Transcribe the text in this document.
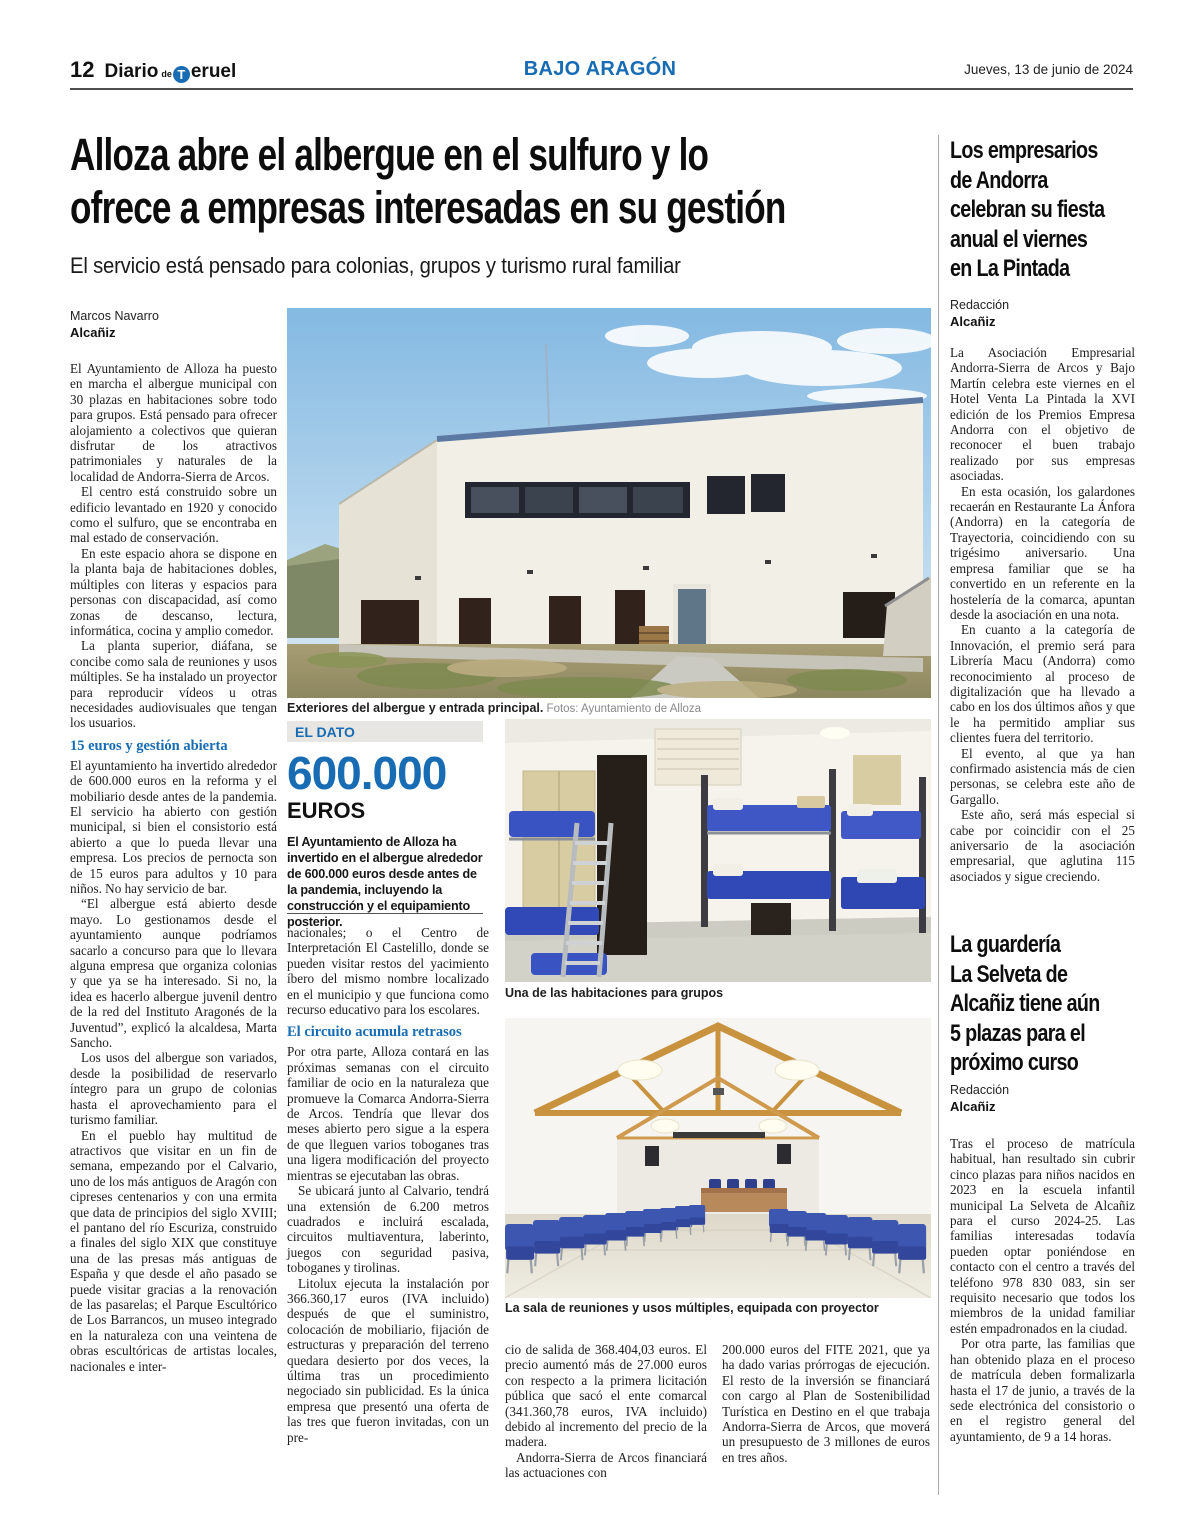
12 Diario de T eruel	BAJO ARAGÓN	Jueves, 13 de junio de 2024
Alloza abre el albergue en el sulfuro y lo
ofrece a empresas interesadas en su gestión
El servicio está pensado para colonias, grupos y turismo rural familiar
Marcos Navarro
Alcañiz

El Ayuntamiento de Alloza ha puesto en marcha el albergue municipal con 30 plazas en habitaciones sobre todo para grupos. Está pensado para ofrecer alojamiento a colectivos que quieran disfrutar de los atractivos patrimoniales y naturales de la localidad de Andorra-Sierra de Arcos.

El centro está construido sobre un edificio levantado en 1920 y conocido como el sulfuro, que se encontraba en mal estado de conservación.

En este espacio ahora se dispone en la planta baja de habitaciones dobles, múltiples con literas y espacios para personas con discapacidad, así como zonas de descanso, lectura, informática, cocina y amplio comedor.

La planta superior, diáfana, se concibe como sala de reuniones y usos múltiples. Se ha instalado un proyector para reproducir vídeos u otras necesidades audiovisuales que tengan los usuarios.

15 euros y gestión abierta

El ayuntamiento ha invertido alrededor de 600.000 euros en la reforma y el mobiliario desde antes de la pandemia. El servicio ha abierto con gestión municipal, si bien el consistorio está abierto a que lo pueda llevar una empresa. Los precios de pernocta son de 15 euros para adultos y 10 para niños. No hay servicio de bar.

“El albergue está abierto desde mayo. Lo gestionamos desde el ayuntamiento aunque podríamos sacarlo a concurso para que lo llevara alguna empresa que organiza colonias y que ya se ha interesado. Si no, la idea es hacerlo albergue juvenil dentro de la red del Instituto Aragonés de la Juventud”, explicó la alcaldesa, Marta Sancho.

Los usos del albergue son variados, desde la posibilidad de reservarlo íntegro para un grupo de colonias hasta el aprovechamiento para el turismo familiar.

En el pueblo hay multitud de atractivos que visitar en un fin de semana, empezando por el Calvario, uno de los más antiguos de Aragón con cipreses centenarios y con una ermita que data de principios del siglo XVIII; el pantano del río Escuriza, construido a finales del siglo XIX que constituye una de las presas más antiguas de España y que desde el año pasado se puede visitar gracias a la renovación de las pasarelas; el Parque Escultórico de Los Barrancos, un museo integrado en la naturaleza con una veintena de obras escultóricas de artistas locales, nacionales e inter-

Exteriores del albergue y entrada principal. Fotos: Ayuntamiento de Alloza
EL DATO
600.000
EUROS
El Ayuntamiento de Alloza ha invertido en el albergue alrededor de 600.000 euros desde antes de la pandemia, incluyendo la construcción y el equipamiento posterior.

nacionales; o el Centro de Interpretación El Castelillo, donde se pueden visitar restos del yacimiento íbero del mismo nombre localizado en el municipio y que funciona como recurso educativo para los escolares.

El circuito acumula retrasos

Por otra parte, Alloza contará en las próximas semanas con el circuito familiar de ocio en la naturaleza que promueve la Comarca Andorra-Sierra de Arcos. Tendría que llevar dos meses abierto pero sigue a la espera de que lleguen varios toboganes tras una ligera modificación del proyecto mientras se ejecutaban las obras.

Se ubicará junto al Calvario, tendrá una extensión de 6.200 metros cuadrados e incluirá escalada, circuitos multiaventura, laberinto, juegos con seguridad pasiva, toboganes y tirolinas.

Litolux ejecuta la instalación por 366.360,17 euros (IVA incluido) después de que el suministro, colocación de mobiliario, fijación de estructuras y preparación del terreno quedara desierto por dos veces, la última tras un procedimiento negociado sin publicidad. Es la única empresa que presentó una oferta de las tres que fueron invitadas, con un pre-

Una de las habitaciones para grupos
La sala de reuniones y usos múltiples, equipada con proyector

cio de salida de 368.404,03 euros. El precio aumentó más de 27.000 euros con respecto a la primera licitación pública que sacó el ente comarcal (341.360,78 euros, IVA incluido) debido al incremento del precio de la madera.

Andorra-Sierra de Arcos financiará las actuaciones con

200.000 euros del FITE 2021, que ya ha dado varias prórrogas de ejecución. El resto de la inversión se financiará con cargo al Plan de Sostenibilidad Turística en Destino en el que trabaja Andorra-Sierra de Arcos, que moverá un presupuesto de 3 millones de euros en tres años.

Los empresarios
de Andorra
celebran su fiesta
anual el viernes
en La Pintada
Redacción
Alcañiz

La Asociación Empresarial Andorra-Sierra de Arcos y Bajo Martín celebra este viernes en el Hotel Venta La Pintada la XVI edición de los Premios Empresa Andorra con el objetivo de reconocer el buen trabajo realizado por sus empresas asociadas.

En esta ocasión, los galardones recaerán en Restaurante La Ánfora (Andorra) en la categoría de Trayectoria, coincidiendo con su trigésimo aniversario. Una empresa familiar que se ha convertido en un referente en la hostelería de la comarca, apuntan desde la asociación en una nota.

En cuanto a la categoría de Innovación, el premio será para Librería Macu (Andorra) como reconocimiento al proceso de digitalización que ha llevado a cabo en los dos últimos años y que le ha permitido ampliar sus clientes fuera del territorio.

El evento, al que ya han confirmado asistencia más de cien personas, se celebra este año de Gargallo.

Este año, será más especial si cabe por coincidir con el 25 aniversario de la asociación empresarial, que aglutina 115 asociados y sigue creciendo.

La guardería
La Selveta de
Alcañiz tiene aún
5 plazas para el
próximo curso
Redacción
Alcañiz

Tras el proceso de matrícula habitual, han resultado sin cubrir cinco plazas para niños nacidos en 2023 en la escuela infantil municipal La Selveta de Alcañiz para el curso 2024-25. Las familias interesadas todavía pueden optar poniéndose en contacto con el centro a través del teléfono 978 830 083, sin ser requisito necesario que todos los miembros de la unidad familiar estén empadronados en la ciudad.

Por otra parte, las familias que han obtenido plaza en el proceso de matrícula deben formalizarla hasta el 17 de junio, a través de la sede electrónica del consistorio o en el registro general del ayuntamiento, de 9 a 14 horas.
